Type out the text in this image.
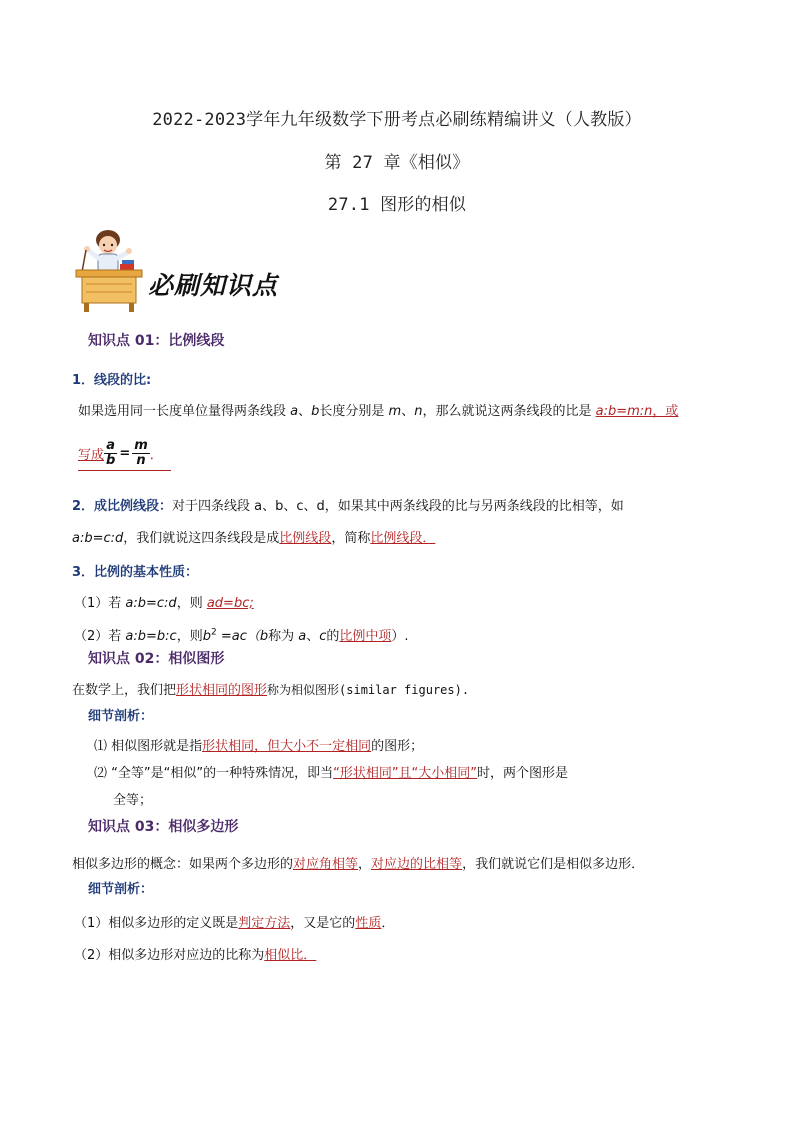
2022-2023学年九年级数学下册考点必刷练精编讲义（人教版）
第 27 章《相似》
27.1 图形的相似
必刷知识点
知识点 01：比例线段
1．线段的比:
如果选用同一长度单位量得两条线段 a、b长度分别是 m、n，那么就说这两条线段的比是 a:b=m:n，或
写成 $\frac{a}{b} = \frac{m}{n}$ ．
2．成比例线段：对于四条线段 a、b、c、d，如果其中两条线段的比与另两条线段的比相等，如
a:b=c:d，我们就说这四条线段是成比例线段，简称比例线段．
3．比例的基本性质：
（1）若 a:b=c:d，则 ad=bc;
（2）若 a:b=b:c，则$b^2 =ac(b$称为 a、c的比例中项）.
知识点 02：相似图形
在数学上，我们把形状相同的图形称为相似图形(similar figures).
细节剖析：
⑴ 相似图形就是指形状相同，但大小不一定相同的图形；
⑵ “全等”是“相似”的一种特殊情况，即当“形状相同”且“大小相同”时，两个图形是
全等；
知识点 03：相似多边形
相似多边形的概念：如果两个多边形的对应角相等，对应边的比相等，我们就说它们是相似多边形．
细节剖析：
（1）相似多边形的定义既是判定方法，又是它的性质．
（2）相似多边形对应边的比称为相似比．
